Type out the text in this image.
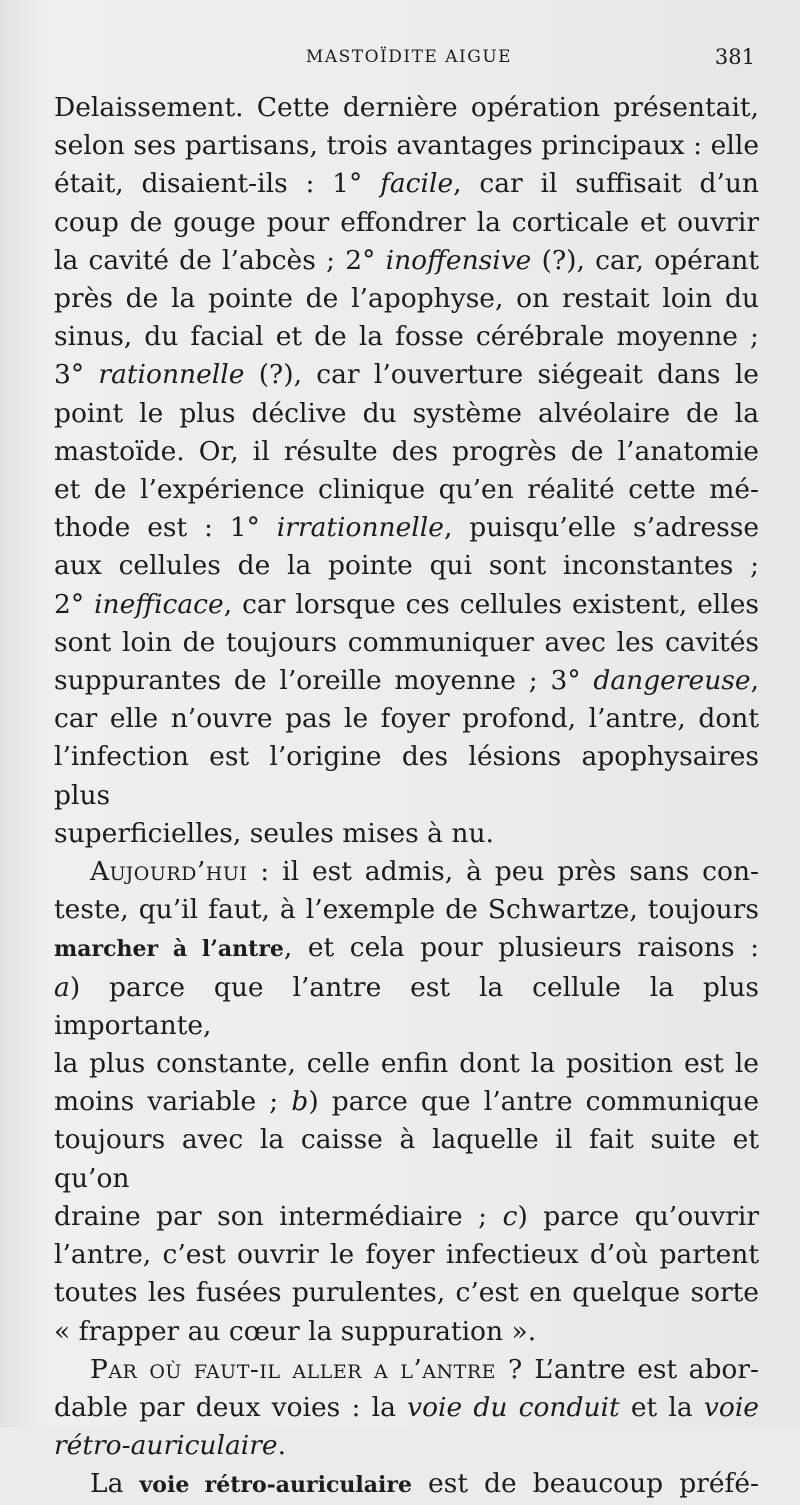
MASTOÏDITE AIGUE	381

Delaissement. Cette dernière opération présentait,

selon ses partisans, trois avantages principaux : elle

était, disaient-ils : 1° facile, car il suffisait d’un

coup de gouge pour effondrer la corticale et ouvrir

la cavité de l’abcès ; 2° inoffensive (?), car, opérant

près de la pointe de l’apophyse, on restait loin du

sinus, du facial et de la fosse cérébrale moyenne ;

3° rationnelle (?), car l’ouverture siégeait dans le

point le plus déclive du système alvéolaire de la

mastoïde. Or, il résulte des progrès de l’anatomie

et de l’expérience clinique qu’en réalité cette mé-

thode est : 1° irrationnelle, puisqu’elle s’adresse

aux cellules de la pointe qui sont inconstantes ;

2° inefficace, car lorsque ces cellules existent, elles

sont loin de toujours communiquer avec les cavités

suppurantes de l’oreille moyenne ; 3° dangereuse,

car elle n’ouvre pas le foyer profond, l’antre, dont

l’infection est l’origine des lésions apophysaires plus

superficielles, seules mises à nu.

Aujourd’hui : il est admis, à peu près sans con-

teste, qu’il faut, à l’exemple de Schwartze, toujours

marcher à l’antre, et cela pour plusieurs raisons :

a) parce que l’antre est la cellule la plus importante,

la plus constante, celle enfin dont la position est le

moins variable ; b) parce que l’antre communique

toujours avec la caisse à laquelle il fait suite et qu’on

draine par son intermédiaire ; c) parce qu’ouvrir

l’antre, c’est ouvrir le foyer infectieux d’où partent

toutes les fusées purulentes, c’est en quelque sorte

« frapper au cœur la suppuration ».

Par où faut-il aller a l’antre ? L’antre est abor-

dable par deux voies : la voie du conduit et la voie

rétro-auriculaire.

La voie rétro-auriculaire est de beaucoup préfé-
